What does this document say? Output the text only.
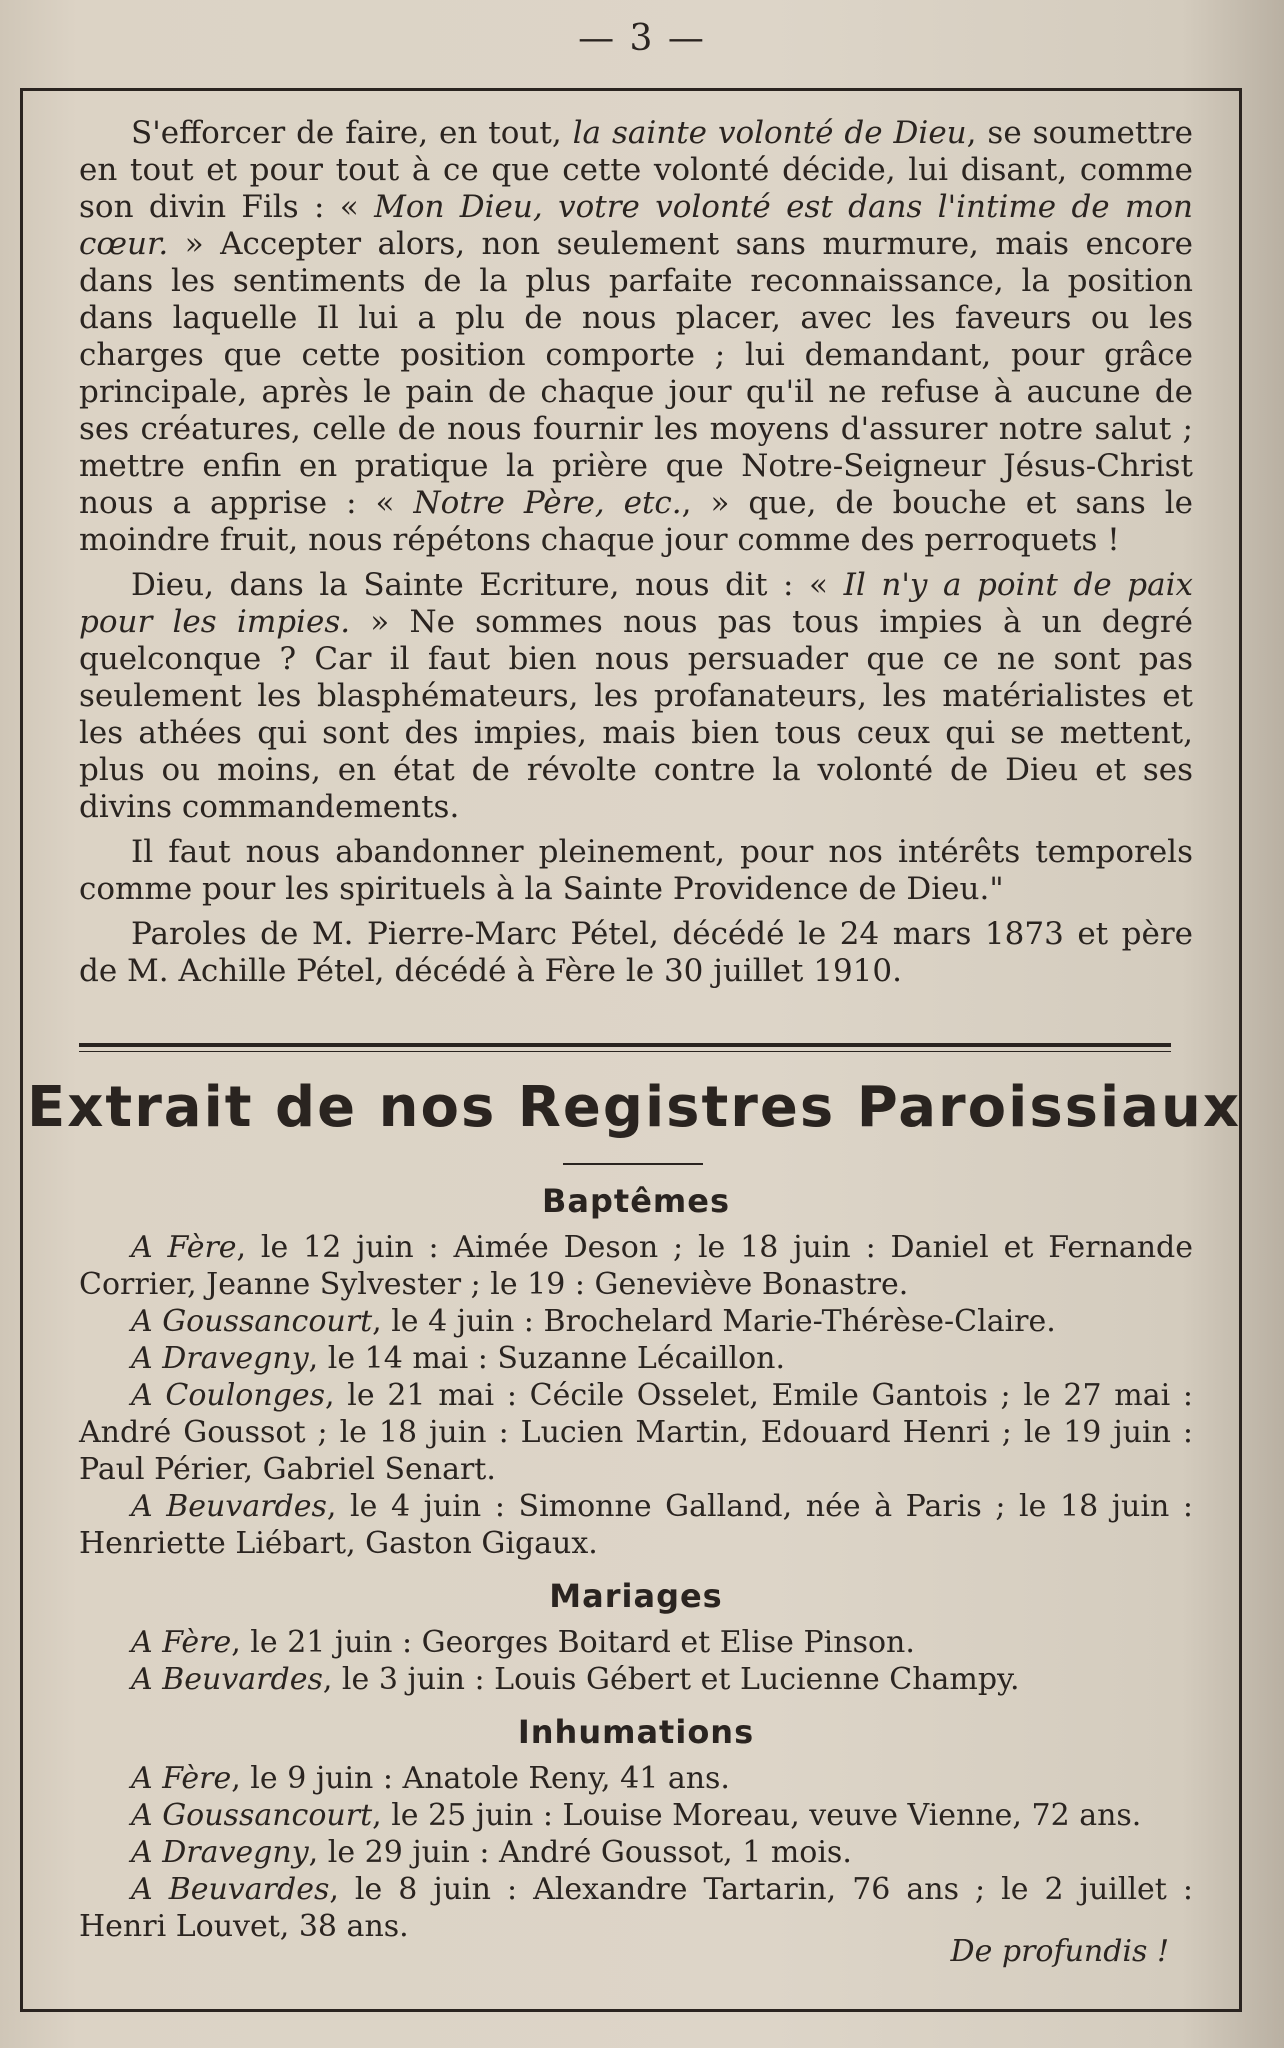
— 3 —

S'efforcer de faire, en tout, la sainte volonté de Dieu, se soumettre en tout et pour tout à ce que cette volonté décide, lui disant, comme son divin Fils : « Mon Dieu, votre volonté est dans l'intime de mon cœur. » Accepter alors, non seulement sans murmure, mais encore dans les sentiments de la plus parfaite reconnaissance, la position dans laquelle Il lui a plu de nous placer, avec les faveurs ou les charges que cette position comporte ; lui demandant, pour grâce principale, après le pain de chaque jour qu'il ne refuse à aucune de ses créatures, celle de nous fournir les moyens d'assurer notre salut ; mettre enfin en pratique la prière que Notre-Seigneur Jésus-Christ nous a apprise : « Notre Père, etc., » que, de bouche et sans le moindre fruit, nous répétons chaque jour comme des perroquets !

Dieu, dans la Sainte Ecriture, nous dit : « Il n'y a point de paix pour les impies. » Ne sommes nous pas tous impies à un degré quelconque ? Car il faut bien nous persuader que ce ne sont pas seulement les blasphémateurs, les profanateurs, les matérialistes et les athées qui sont des impies, mais bien tous ceux qui se mettent, plus ou moins, en état de révolte contre la volonté de Dieu et ses divins commandements.

Il faut nous abandonner pleinement, pour nos intérêts temporels comme pour les spirituels à la Sainte Providence de Dieu."

Paroles de M. Pierre-Marc Pétel, décédé le 24 mars 1873 et père de M. Achille Pétel, décédé à Fère le 30 juillet 1910.

Extrait de nos Registres Paroissiaux
Baptêmes

A Fère, le 12 juin : Aimée Deson ; le 18 juin : Daniel et Fernande Corrier, Jeanne Sylvester ; le 19 : Geneviève Bonastre.

A Goussancourt, le 4 juin : Brochelard Marie-Thérèse-Claire.

A Dravegny, le 14 mai : Suzanne Lécaillon.

A Coulonges, le 21 mai : Cécile Osselet, Emile Gantois ; le 27 mai : André Goussot ; le 18 juin : Lucien Martin, Edouard Henri ; le 19 juin : Paul Périer, Gabriel Senart.

A Beuvardes, le 4 juin : Simonne Galland, née à Paris ; le 18 juin : Henriette Liébart, Gaston Gigaux.

Mariages

A Fère, le 21 juin : Georges Boitard et Elise Pinson.

A Beuvardes, le 3 juin : Louis Gébert et Lucienne Champy.

Inhumations

A Fère, le 9 juin : Anatole Reny, 41 ans.

A Goussancourt, le 25 juin : Louise Moreau, veuve Vienne, 72 ans.

A Dravegny, le 29 juin : André Goussot, 1 mois.

A Beuvardes, le 8 juin : Alexandre Tartarin, 76 ans ; le 2 juillet : Henri Louvet, 38 ans.

De profundis !
